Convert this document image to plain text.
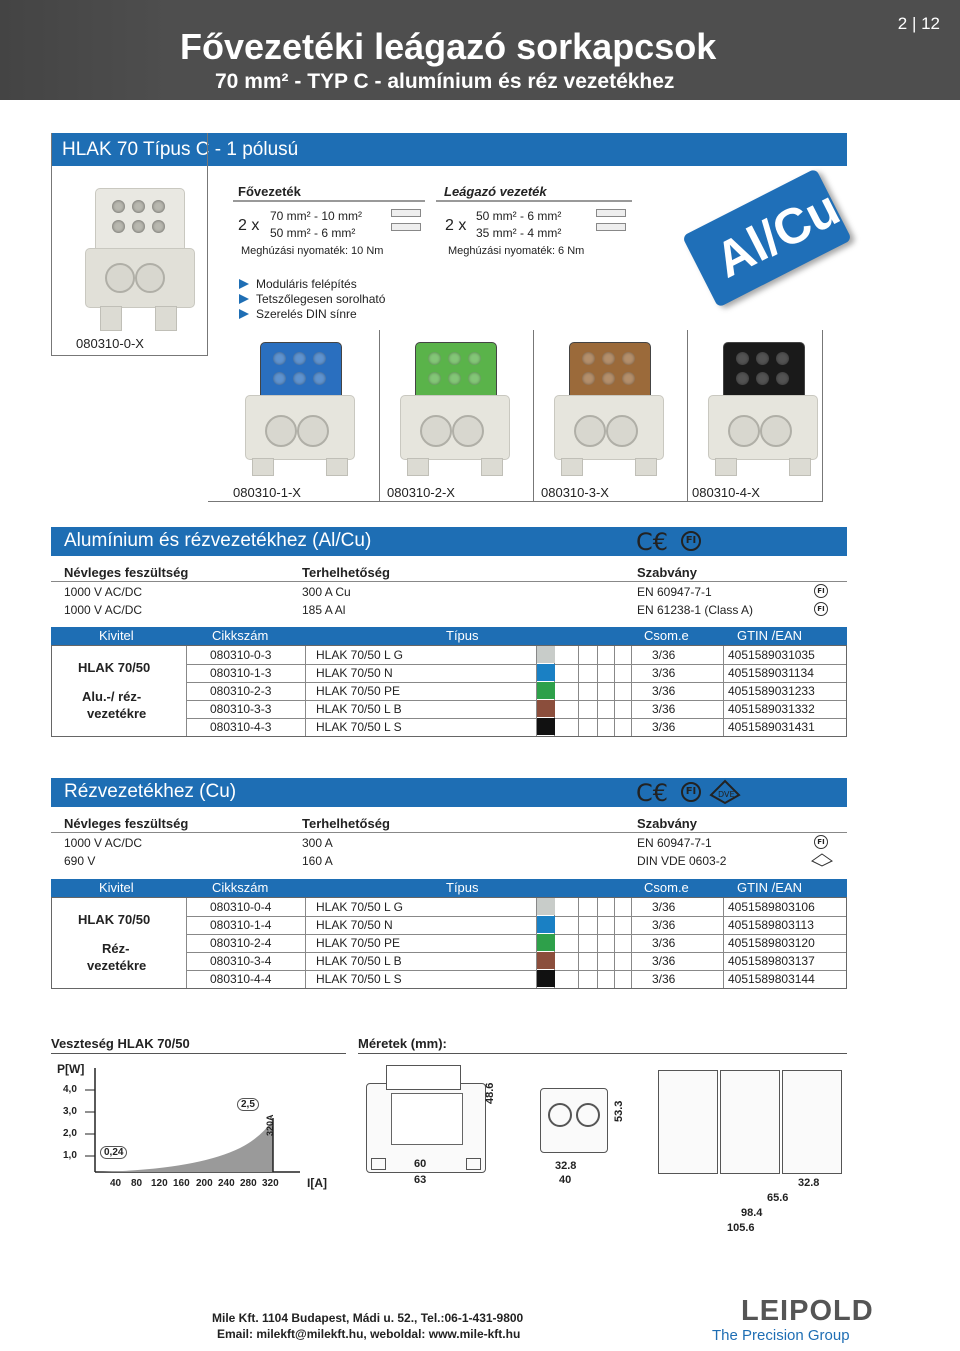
Fővezetéki leágazó sorkapcsok
70 mm² - TYP C - alumínium és réz vezetékhez
2 | 12
HLAK 70 Típus C - 1 pólusú
080310-0-X
Fővezeték
2 x
70 mm² - 10 mm²
50 mm² - 6 mm²
Meghúzási nyomaték: 10 Nm
Leágazó vezeték
2 x
50 mm² - 6 mm²
35 mm² - 4 mm²
Meghúzási nyomaték: 6 Nm
Moduláris felépítés
Tetszőlegesen sorolható
Szerelés DIN sínre
Al/Cu
080310-1-X	080310-2-X	080310-3-X	080310-4-X
Alumínium és rézvezetékhez (Al/Cu)	C€	FI
Névleges feszültség	Terhelhetőség	Szabvány
1000 V AC/DC	300 A Cu	EN 60947-7-1	FI
1000 V AC/DC	185 A Al	EN 61238-1 (Class A)	FI
Kivitel	Cikkszám	Típus	Csom.e	GTIN /EAN
080310-0-3	HLAK 70/50 L G	3/36	4051589031035
080310-1-3	HLAK 70/50 N	3/36	4051589031134
080310-2-3	HLAK 70/50 PE	3/36	4051589031233
080310-3-3	HLAK 70/50 L B	3/36	4051589031332
080310-4-3	HLAK 70/50 L S	3/36	4051589031431
HLAK 70/50
Alu.-/ réz-
vezetékre
Rézvezetékhez (Cu)	C€	FI	DVE
Névleges feszültség	Terhelhetőség	Szabvány
1000 V AC/DC	300 A	EN 60947-7-1	FI
690 V	160 A	DIN VDE 0603-2
Kivitel	Cikkszám	Típus	Csom.e	GTIN /EAN
080310-0-4	HLAK 70/50 L G	3/36	4051589803106
080310-1-4	HLAK 70/50 N	3/36	4051589803113
080310-2-4	HLAK 70/50 PE	3/36	4051589803120
080310-3-4	HLAK 70/50 L B	3/36	4051589803137
080310-4-4	HLAK 70/50 L S	3/36	4051589803144
HLAK 70/50
Réz-
vezetékre
Veszteség HLAK 70/50	Méretek (mm):
P[W]
4,0
3,0
2,0
1,0	0,24
2,5
320A
40 80 120 160 200 240 280 320 I[A]
60
63
48.6
32.8
40
53.3
32.8
65.6
98.4
105.6
Mile Kft. 1104 Budapest, Mádi u. 52., Tel.:06-1-431-9800
Email: milekft@milekft.hu, weboldal: www.mile-kft.hu
LEIPOLD
The Precision Group
